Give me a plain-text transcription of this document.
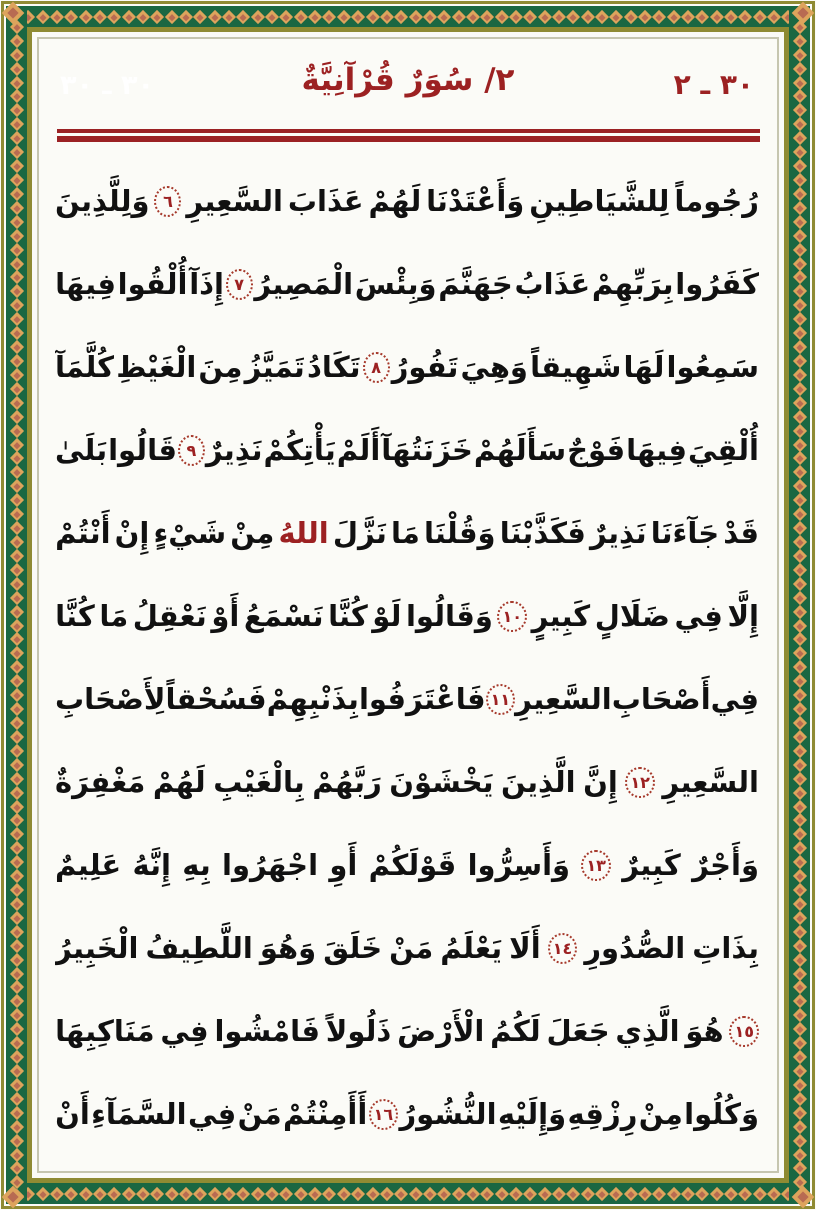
٣٠ ـ ٣٠	٢/ سُوَرٌ قُرْآنِيَّةٌ	٣٠ ـ ٢
رُجُوماً
لِلشَّيَاطِينِ
وَأَعْتَدْنَا
لَهُمْ
عَذَابَ
السَّعِيرِ
٦
وَلِلَّذِينَ
كَفَرُوا
بِرَبِّهِمْ
عَذَابُ
جَهَنَّمَ
وَبِئْسَ
الْمَصِيرُ
٧
إِذَآ
أُلْقُوا
فِيهَا
سَمِعُوا
لَهَا
شَهِيقاً
وَهِيَ
تَفُورُ
٨
تَكَادُ
تَمَيَّزُ
مِنَ
الْغَيْظِ
كُلَّمَآ
أُلْقِيَ
فِيهَا
فَوْجٌ
سَأَلَهُمْ
خَزَنَتُهَآ
أَلَمْ
يَأْتِكُمْ
نَذِيرٌ
٩
قَالُوا
بَلَىٰ
قَدْ
جَآءَنَا
نَذِيرٌ
فَكَذَّبْنَا
وَقُلْنَا
مَا
نَزَّلَ
اللهُ
مِنْ
شَيْءٍ
إِنْ
أَنْتُمْ
إِلَّا
فِي
ضَلَالٍ
كَبِيرٍ
١٠
وَقَالُوا
لَوْ
كُنَّا
نَسْمَعُ
أَوْ
نَعْقِلُ
مَا
كُنَّا
فِي
أَصْحَابِ
السَّعِيرِ
١١
فَاعْتَرَفُوا
بِذَنْبِهِمْ
فَسُحْقاً
لِأَصْحَابِ
السَّعِيرِ
١٢
إِنَّ
الَّذِينَ
يَخْشَوْنَ
رَبَّهُمْ
بِالْغَيْبِ
لَهُمْ
مَغْفِرَةٌ
وَأَجْرٌ
كَبِيرٌ
١٣
وَأَسِرُّوا
قَوْلَكُمْ
أَوِ
اجْهَرُوا
بِهِ
إِنَّهُ
عَلِيمٌ
بِذَاتِ
الصُّدُورِ
١٤
أَلَا
يَعْلَمُ
مَنْ
خَلَقَ
وَهُوَ
اللَّطِيفُ
الْخَبِيرُ
١٥
هُوَ
الَّذِي
جَعَلَ
لَكُمُ
الْأَرْضَ
ذَلُولاً
فَامْشُوا
فِي
مَنَاكِبِهَا
وَكُلُوا
مِنْ
رِزْقِهِ
وَإِلَيْهِ
النُّشُورُ
١٦
أَأَمِنْتُمْ
مَنْ
فِي
السَّمَآءِ
أَنْ
